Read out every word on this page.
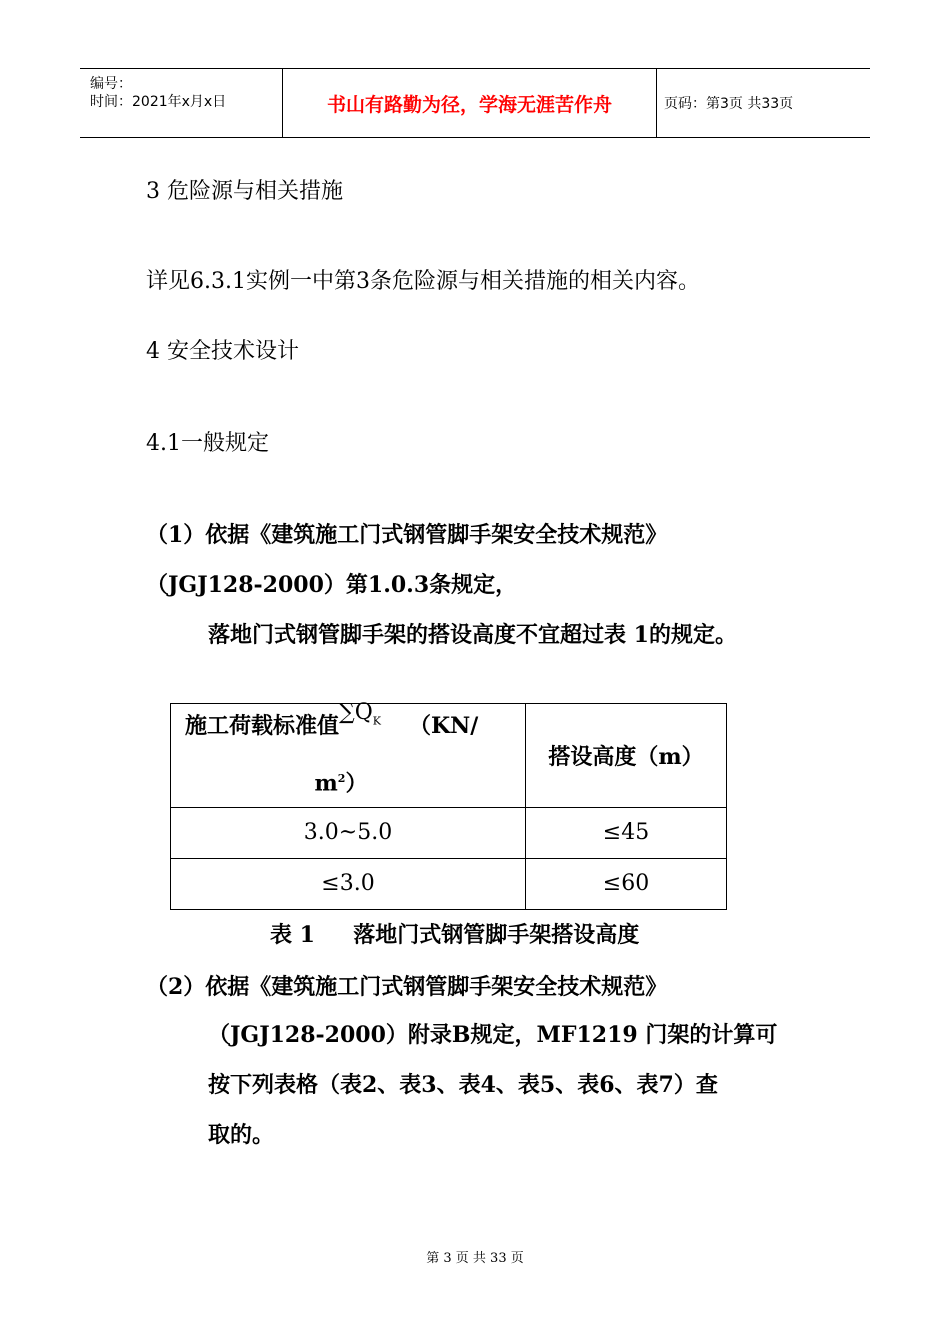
编号：
时间：2021年x月x日	书山有路勤为径，学海无涯苦作舟	页码：第3页 共33页
3 危险源与相关措施
详见6.3.1实例一中第3条危险源与相关措施的相关内容。
4 安全技术设计
4.1一般规定
（1）依据《建筑施工门式钢管脚手架安全技术规范》
（JGJ128-2000）第1.0.3条规定，
落地门式钢管脚手架的搭设高度不宜超过表 1的规定。
施工荷载标准值$\sum Q_K$ （KN/
$m^2$）	搭设高度（m）
3.0~5.0	≤45
≤3.0	≤60
表 1     落地门式钢管脚手架搭设高度
（2）依据《建筑施工门式钢管脚手架安全技术规范》
（JGJ128-2000）附录B规定，MF1219 门架的计算可
按下列表格（表2、表3、表4、表5、表6、表7）查
取的。
第 3 页 共 33 页
